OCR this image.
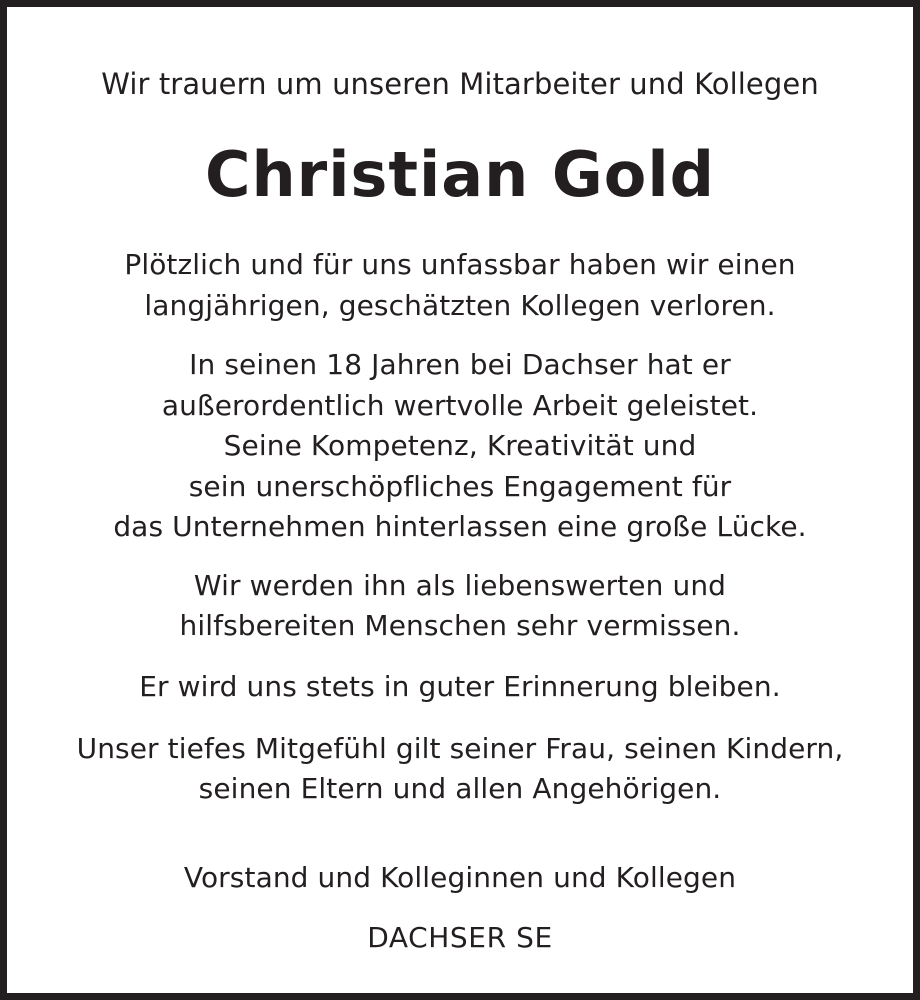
Wir trauern um unseren Mitarbeiter und Kollegen
Christian Gold
Plötzlich und für uns unfassbar haben wir einen
langjährigen, geschätzten Kollegen verloren.
In seinen 18 Jahren bei Dachser hat er
außerordentlich wertvolle Arbeit geleistet.
Seine Kompetenz, Kreativität und
sein unerschöpfliches Engagement für
das Unternehmen hinterlassen eine große Lücke.
Wir werden ihn als liebenswerten und
hilfsbereiten Menschen sehr vermissen.
Er wird uns stets in guter Erinnerung bleiben.
Unser tiefes Mitgefühl gilt seiner Frau, seinen Kindern,
seinen Eltern und allen Angehörigen.
Vorstand und Kolleginnen und Kollegen
DACHSER SE
